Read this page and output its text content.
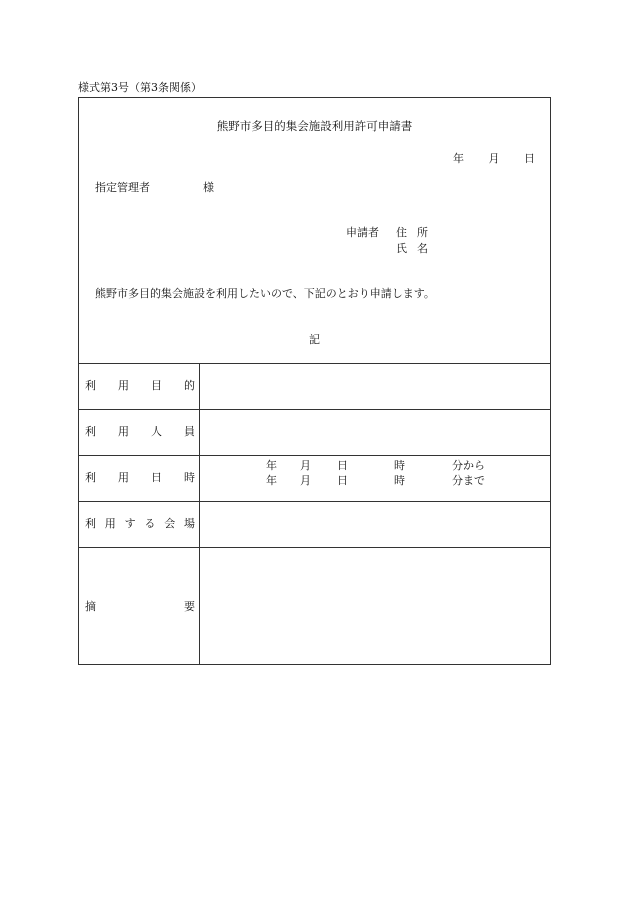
様式第3号（第3条関係）
熊野市多目的集会施設利用許可申請書
年 月 日
指定管理者	様
申請者 住 所
氏 名
熊野市多目的集会施設を利用したいので、下記のとおり申請します。
記
利 用 目 的
利 用 人 員
利 用 日 時
年 月 日	時	分から
年 月 日	時	分まで
利 用 す る 会 場
摘	要
